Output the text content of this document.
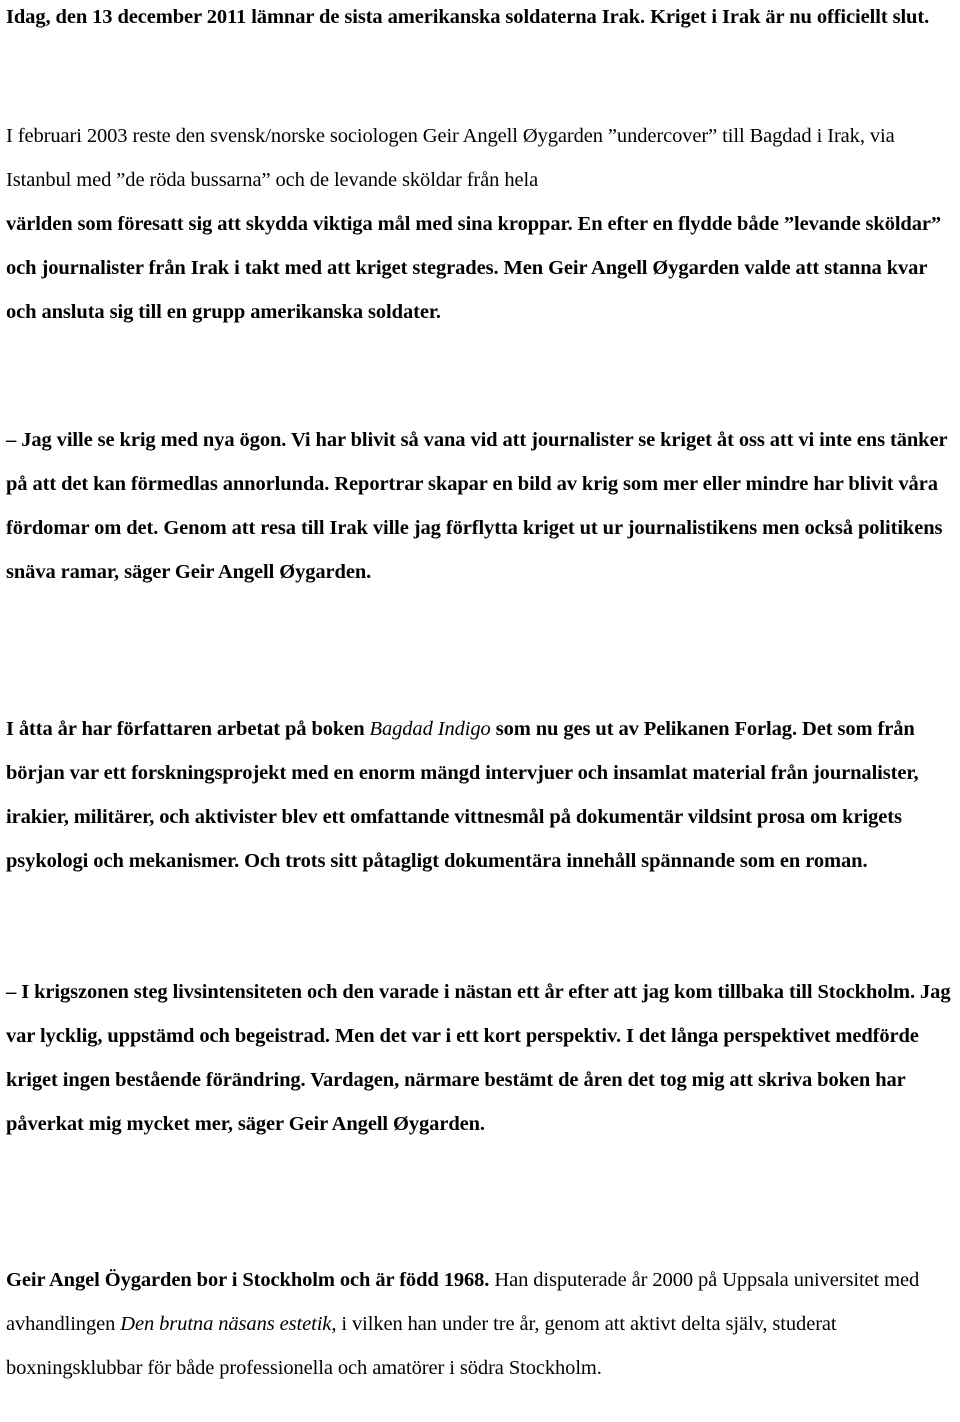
Idag, den 13 december 2011 lämnar de sista amerikanska soldaterna Irak. Kriget i Irak är nu officiellt slut.

I februari 2003 reste den svensk/norske sociologen Geir Angell Øygarden ”undercover” till Bagdad i Irak, via Istanbul med ”de röda bussarna” och de levande sköldar från hela
världen som föresatt sig att skydda viktiga mål med sina kroppar. En efter en flydde både ”levande sköldar” och journalister från Irak i takt med att kriget stegrades. Men Geir Angell Øygarden valde att stanna kvar och ansluta sig till en grupp amerikanska soldater.

– Jag ville se krig med nya ögon. Vi har blivit så vana vid att journalister se kriget åt oss att vi inte ens tänker på att det kan förmedlas annorlunda. Reportrar skapar en bild av krig som mer eller mindre har blivit våra fördomar om det. Genom att resa till Irak ville jag förflytta kriget ut ur journalistikens men också politikens snäva ramar, säger Geir Angell Øygarden.

I åtta år har författaren arbetat på boken Bagdad Indigo som nu ges ut av Pelikanen Forlag. Det som från början var ett forskningsprojekt med en enorm mängd intervjuer och insamlat material från journalister, irakier, militärer, och aktivister blev ett omfattande vittnesmål på dokumentär vildsint prosa om krigets psykologi och mekanismer. Och trots sitt påtagligt dokumentära innehåll spännande som en roman.

– I krigszonen steg livsintensiteten och den varade i nästan ett år efter att jag kom tillbaka till Stockholm. Jag var lycklig, uppstämd och begeistrad. Men det var i ett kort perspektiv. I det långa perspektivet medförde kriget ingen bestående förändring. Vardagen, närmare bestämt de åren det tog mig att skriva boken har påverkat mig mycket mer, säger Geir Angell Øygarden.

Geir Angel Öygarden bor i Stockholm och är född 1968. Han disputerade år 2000 på Uppsala universitet med avhandlingen Den brutna näsans estetik, i vilken han under tre år, genom att aktivt delta själv, studerat boxningsklubbar för både professionella och amatörer i södra Stockholm.
